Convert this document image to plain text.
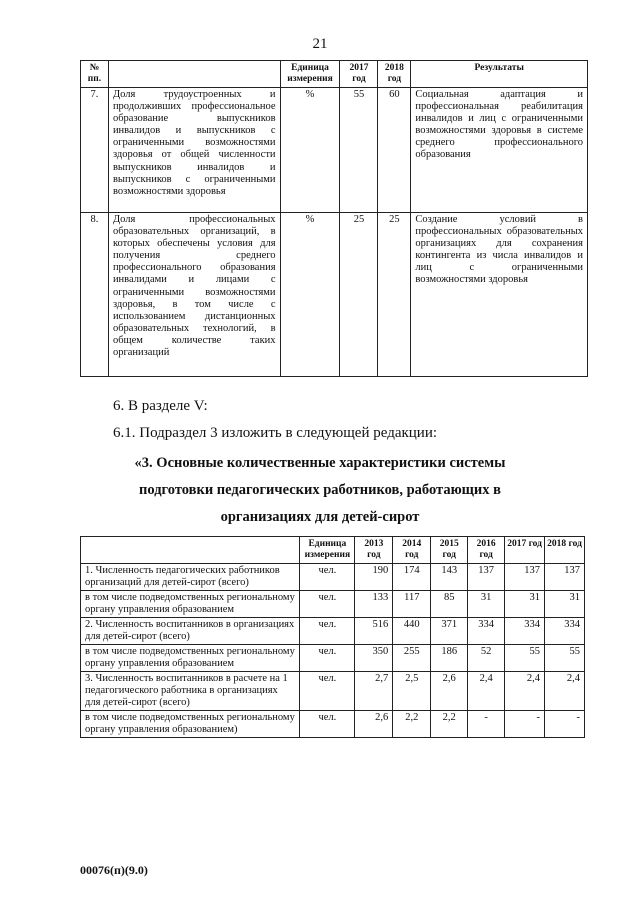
21
№ пп.		Единица измерения	2017 год	2018 год	Результаты
7.	Доля трудоустроенных и продолживших профессиональное образование выпускников инвалидов и выпускников с ограниченными возможностями здоровья от общей численности выпускников инвалидов и выпускников с ограниченными возможностями здоровья	%	55	60	Социальная адаптация и профессиональная реабилитация инвалидов и лиц с ограниченными возможностями здоровья в системе среднего профессионального образования
8.	Доля профессиональных образовательных организаций, в которых обеспечены условия для получения среднего профессионального образования инвалидами и лицами с ограниченными возможностями здоровья, в том числе с использованием дистанционных образовательных технологий, в общем количестве таких организаций	%	25	25	Создание условий в профессиональных образовательных организациях для сохранения контингента из числа инвалидов и лиц с ограниченными возможностями здоровья
6. В разделе V:
6.1. Подраздел 3 изложить в следующей редакции:
«3. Основные количественные характеристики системы подготовки педагогических работников, работающих в организациях для детей-сирот
	Единица измерения	2013 год	2014 год	2015 год	2016 год	2017 год	2018 год
1. Численность педагогических работников организаций для детей-сирот (всего)	чел.	190	174	143	137	137	137
в том числе подведомственных региональному органу управления образованием	чел.	133	117	85	31	31	31
2. Численность воспитанников в организациях для детей-сирот (всего)	чел.	516	440	371	334	334	334
в том числе подведомственных региональному органу управления образованием	чел.	350	255	186	52	55	55
3. Численность воспитанников в расчете на 1 педагогического работника в организациях для детей-сирот (всего)	чел.	2,7	2,5	2,6	2,4	2,4	2,4
в том числе подведомственных региональному органу управления образованием)	чел.	2,6	2,2	2,2	-	-	-
00076(п)(9.0)
